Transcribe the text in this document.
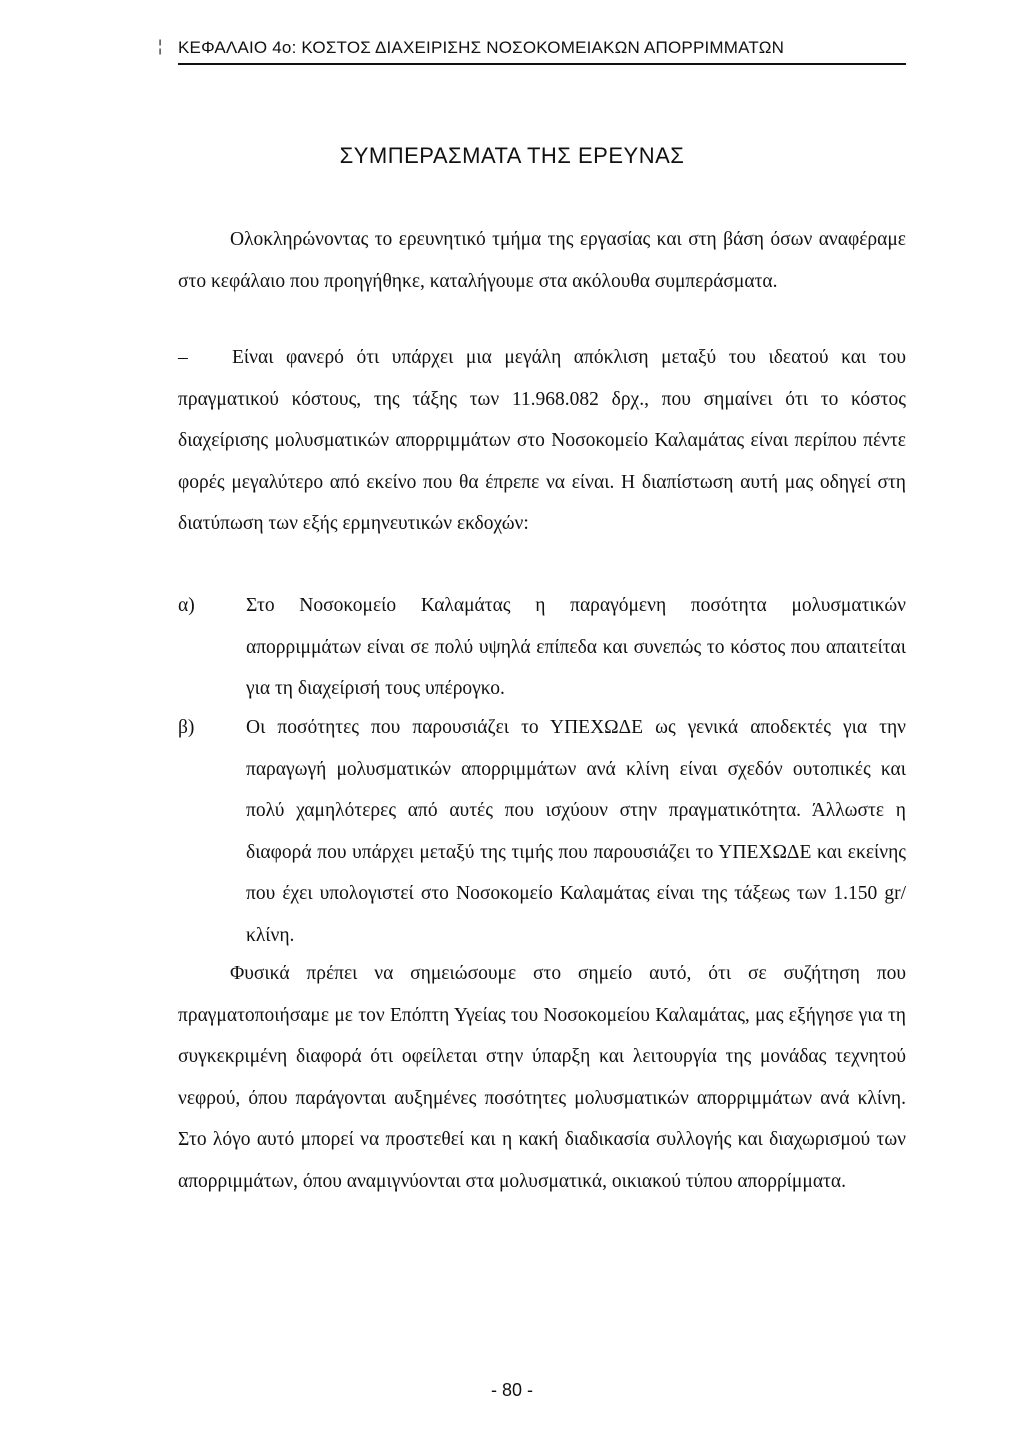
¦ ΚΕΦΑΛΑΙΟ 4ο: ΚΟΣΤΟΣ ΔΙΑΧΕΙΡΙΣΗΣ ΝΟΣΟΚΟΜΕΙΑΚΩΝ ΑΠΟΡΡΙΜΜΑΤΩΝ
ΣΥΜΠΕΡΑΣΜΑΤΑ ΤΗΣ ΕΡΕΥΝΑΣ

Ολοκληρώνοντας το ερευνητικό τμήμα της εργασίας και στη βάση όσων αναφέραμε στο κεφάλαιο που προηγήθηκε, καταλήγουμε στα ακόλουθα συμπεράσματα.

– Είναι φανερό ότι υπάρχει μια μεγάλη απόκλιση μεταξύ του ιδεατού και του πραγματικού κόστους, της τάξης των 11.968.082 δρχ., που σημαίνει ότι το κόστος διαχείρισης μολυσματικών απορριμμάτων στο Νοσοκομείο Καλαμάτας είναι περίπου πέντε φορές μεγαλύτερο από εκείνο που θα έπρεπε να είναι. Η διαπίστωση αυτή μας οδηγεί στη διατύπωση των εξής ερμηνευτικών εκδοχών:

α)	Στο Νοσοκομείο Καλαμάτας η παραγόμενη ποσότητα μολυσματικών απορριμμάτων είναι σε πολύ υψηλά επίπεδα και συνεπώς το κόστος που απαιτείται για τη διαχείρισή τους υπέρογκο.
β)	Οι ποσότητες που παρουσιάζει το ΥΠΕΧΩΔΕ ως γενικά αποδεκτές για την παραγωγή μολυσματικών απορριμμάτων ανά κλίνη είναι σχεδόν ουτοπικές και πολύ χαμηλότερες από αυτές που ισχύουν στην πραγματικότητα. Άλλωστε η διαφορά που υπάρχει μεταξύ της τιμής που παρουσιάζει το ΥΠΕΧΩΔΕ και εκείνης που έχει υπολογιστεί στο Νοσοκομείο Καλαμάτας είναι της τάξεως των 1.150 gr/κλίνη.

Φυσικά πρέπει να σημειώσουμε στο σημείο αυτό, ότι σε συζήτηση που πραγματοποιήσαμε με τον Επόπτη Υγείας του Νοσοκομείου Καλαμάτας, μας εξήγησε για τη συγκεκριμένη διαφορά ότι οφείλεται στην ύπαρξη και λειτουργία της μονάδας τεχνητού νεφρού, όπου παράγονται αυξημένες ποσότητες μολυσματικών απορριμμάτων ανά κλίνη. Στο λόγο αυτό μπορεί να προστεθεί και η κακή διαδικασία συλλογής και διαχωρισμού των απορριμμάτων, όπου αναμιγνύονται στα μολυσματικά, οικιακού τύπου απορρίμματα.

- 80 -
